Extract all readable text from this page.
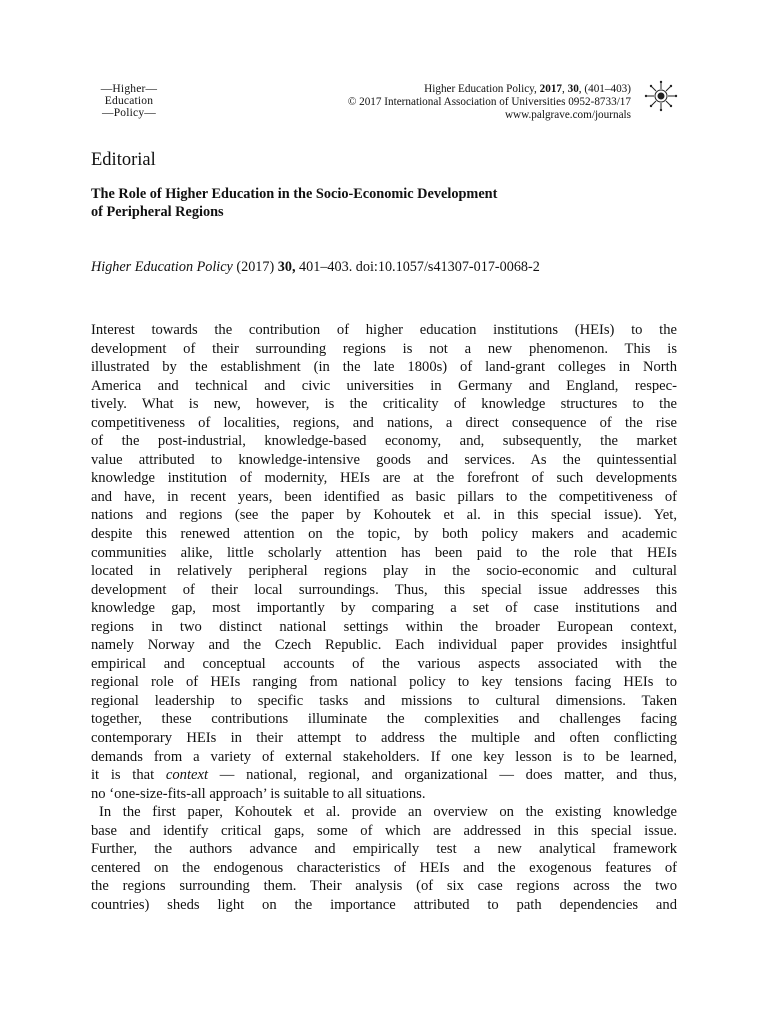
—Higher—
Education
—Policy—
Higher Education Policy, 2017, 30, (401–403)
© 2017 International Association of Universities 0952-8733/17
www.palgrave.com/journals
Editorial
The Role of Higher Education in the Socio-Economic Development
of Peripheral Regions
Higher Education Policy (2017) 30, 401–403. doi:10.1057/s41307-017-0068-2
Interest towards the contribution of higher education institutions (HEIs) to the
development of their surrounding regions is not a new phenomenon. This is
illustrated by the establishment (in the late 1800s) of land-grant colleges in North
America and technical and civic universities in Germany and England, respec-
tively. What is new, however, is the criticality of knowledge structures to the
competitiveness of localities, regions, and nations, a direct consequence of the rise
of the post-industrial, knowledge-based economy, and, subsequently, the market
value attributed to knowledge-intensive goods and services. As the quintessential
knowledge institution of modernity, HEIs are at the forefront of such developments
and have, in recent years, been identified as basic pillars to the competitiveness of
nations and regions (see the paper by Kohoutek et al. in this special issue). Yet,
despite this renewed attention on the topic, by both policy makers and academic
communities alike, little scholarly attention has been paid to the role that HEIs
located in relatively peripheral regions play in the socio-economic and cultural
development of their local surroundings. Thus, this special issue addresses this
knowledge gap, most importantly by comparing a set of case institutions and
regions in two distinct national settings within the broader European context,
namely Norway and the Czech Republic. Each individual paper provides insightful
empirical and conceptual accounts of the various aspects associated with the
regional role of HEIs ranging from national policy to key tensions facing HEIs to
regional leadership to specific tasks and missions to cultural dimensions. Taken
together, these contributions illuminate the complexities and challenges facing
contemporary HEIs in their attempt to address the multiple and often conflicting
demands from a variety of external stakeholders. If one key lesson is to be learned,
it is that context — national, regional, and organizational — does matter, and thus,
no ‘one-size-fits-all approach’ is suitable to all situations.
In the first paper, Kohoutek et al. provide an overview on the existing knowledge
base and identify critical gaps, some of which are addressed in this special issue.
Further, the authors advance and empirically test a new analytical framework
centered on the endogenous characteristics of HEIs and the exogenous features of
the regions surrounding them. Their analysis (of six case regions across the two
countries) sheds light on the importance attributed to path dependencies and
